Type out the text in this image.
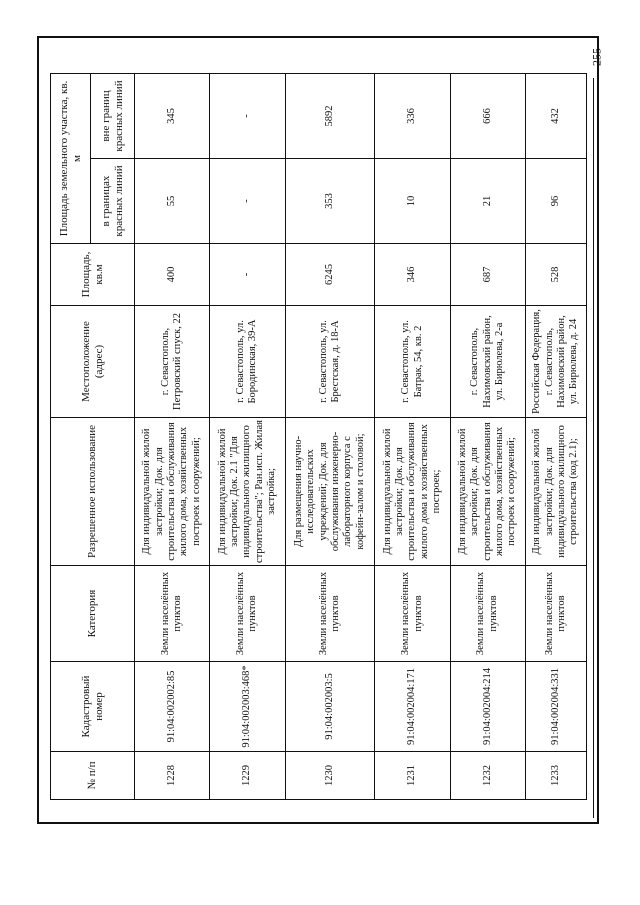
255
№ п/п	Кадастровый номер	Категория	Разрешенное использование	Местоположение (адрес)	Площадь, кв.м	Площадь земельного участка, кв. м	
						в границах красных линий	вне границ красных линий
1228	91:04:002002:85	Земли населённых пунктов	Для индивидуальной жилой застройки; Док. для строительства и обслуживания жилого дома, хозяйственных построек и сооружений;	г. Севастополь, Петровский спуск, 22	400	55	345
1229	91:04:002003:468*	Земли населённых пунктов	Для индивидуальной жилой застройки; Док. 2.1 "Для индивидуального жилищного строительства"; Ран.исп. Жилая застройка;	г. Севастополь, ул. Бородинская, 39-А	-	-	-
1230	91:04:002003:5	Земли населённых пунктов	Для размещения научно-исследовательских учреждений; Док. для обслуживания инженерно-лабораторного корпуса с кофейн-залом и столовой;	г. Севастополь, ул. Брестская, д. 18-А	6245	353	5892
1231	91:04:002004:171	Земли населённых пунктов	Для индивидуальной жилой застройки; Док. для строительства и обслуживания жилого дома и хозяйственных построек;	г. Севастополь, ул. Батрак, 54, кв. 2	346	10	336
1232	91:04:002004:214	Земли населённых пунктов	Для индивидуальной жилой застройки; Док. для строительства и обслуживания жилого дома, хозяйственных построек и сооружений;	г. Севастополь, Нахимовский район, ул. Бирюлева, 2-а	687	21	666
1233	91:04:002004:331	Земли населённых пунктов	Для индивидуальной жилой застройки; Док. для индивидуального жилищного строительства (код 2.1);	Российская Федерация, г. Севастополь, Нахимовский район, ул. Бирюлева, д. 24	528	96	432
